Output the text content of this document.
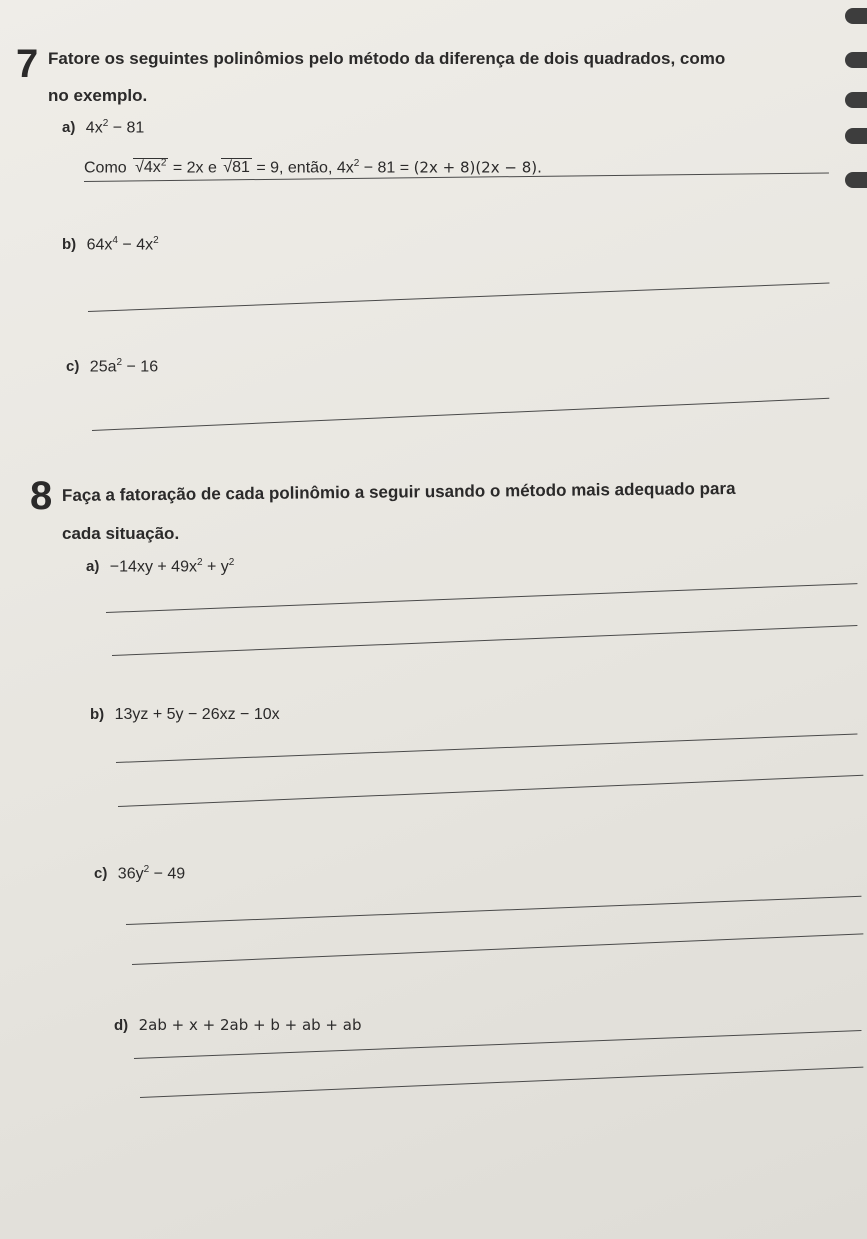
7 Fatore os seguintes polinômios pelo método da diferença de dois quadrados, como
no exemplo.
a) $4x^2 - 81$
Como $√4x^2 = 2x$ e √81 = 9, então, $4x^2 - 81 = (2x + 8)(2x - 8)$.
b) $64x^4 - 4x^2$
c) $25a^2 - 16$
8 Faça a fatoração de cada polinômio a seguir usando o método mais adequado para
cada situação.
$a) -14xy + 49x^2 + y^2$
b) 13yz + 5y − 26xz − 10x
c) $36y^2 - 49$
d) 2ab + x + 2ab + b + ab + ab
